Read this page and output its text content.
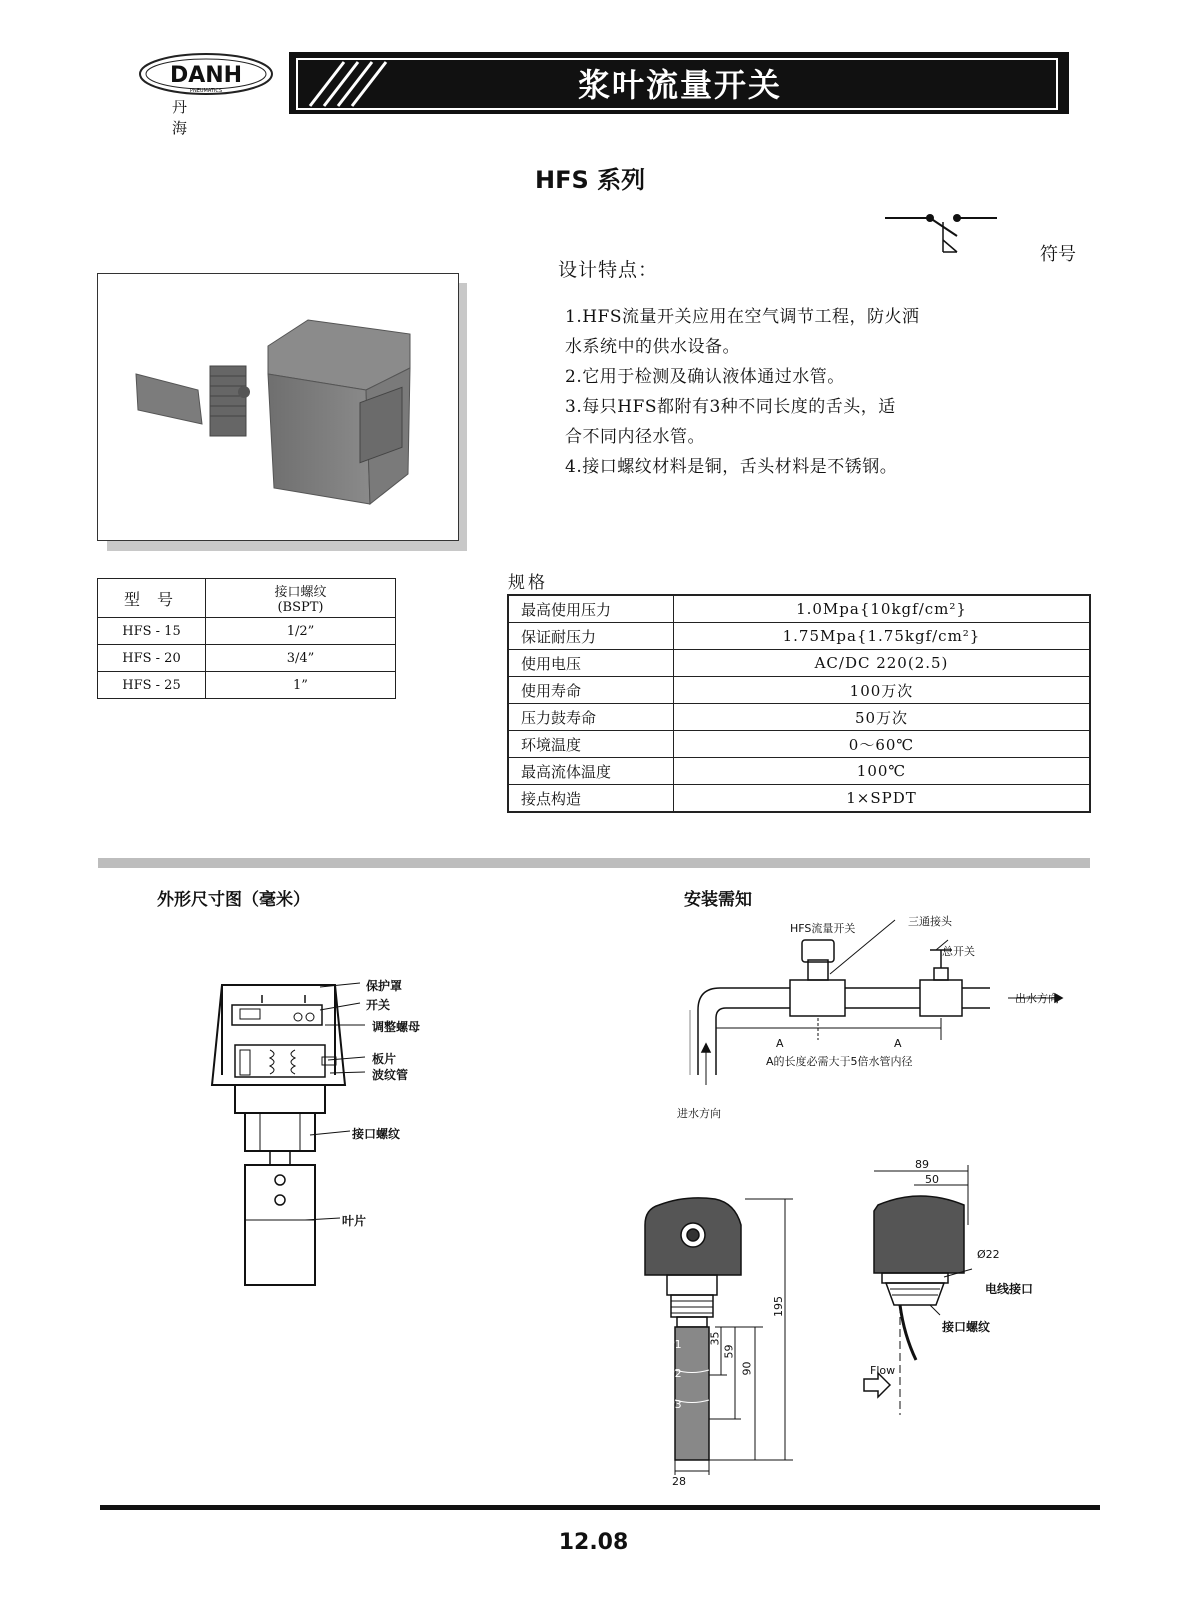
DANH
PNEUMATICS
丹 海
浆叶流量开关
HFS 系列
符号
设计特点：
1.HFS流量开关应用在空气调节工程，防火洒
水系统中的供水设备。
2.它用于检测及确认液体通过水管。
3.每只HFS都附有3种不同长度的舌头，适
合不同内径水管。
4.接口螺纹材料是铜，舌头材料是不锈钢。
型 号	接口螺纹
(BSPT)

HFS - 15	1/2”
HFS - 20	3/4”
HFS - 25	1”
规格
最高使用压力	1.0Mpa{10kgf/cm²}
保证耐压力	1.75Mpa{1.75kgf/cm²}
使用电压	AC/DC 220(2.5)
使用寿命	100万次
压力鼓寿命	50万次
环境温度	0～60℃
最高流体温度	100℃
接点构造	1×SPDT
外形尺寸图（毫米）	安装需知
保护罩
开关
调整螺母
板片
波纹管
接口螺纹
叶片
HFS流量开关
三通接头
总开关
出水方向
进水方向
A	A
A的长度必需大于5倍水管内径
P1
P2
P3
195
90
59
35
28
89
50
Ø22
电线接口
接口螺纹
Flow
12.08
